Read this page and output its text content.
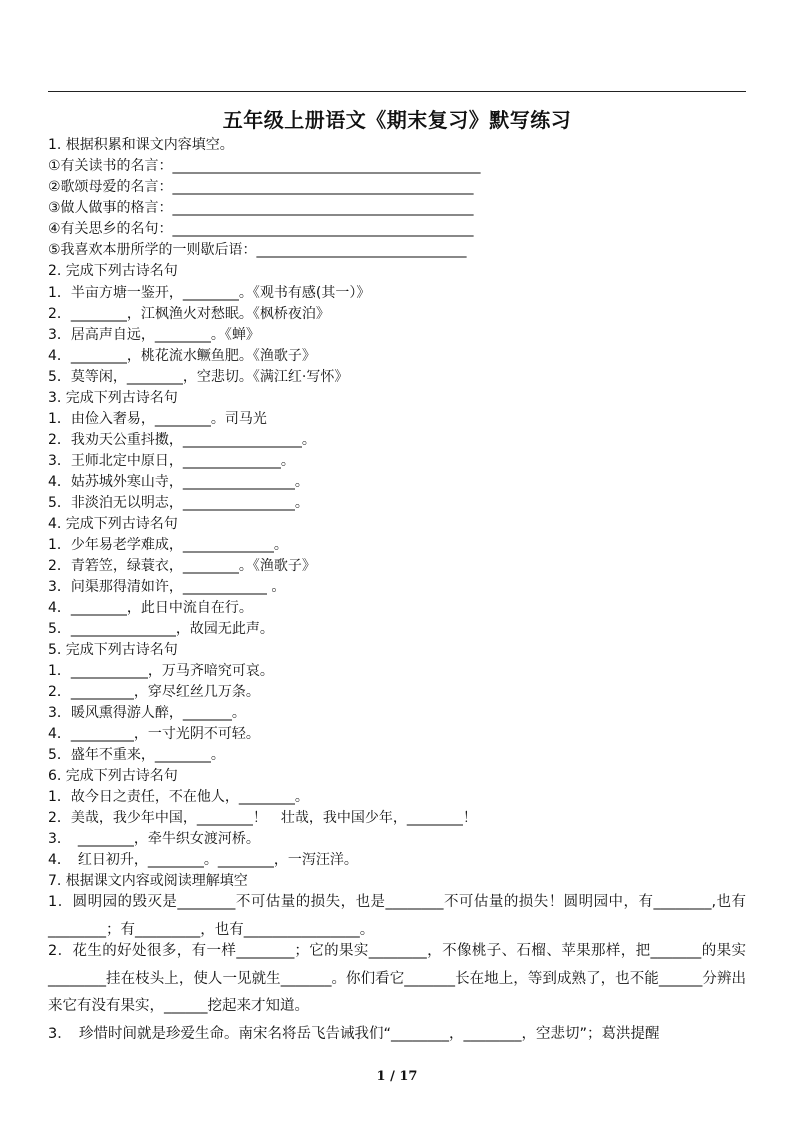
五年级上册语文《期末复习》默写练习
1. 根据积累和课文内容填空。
①有关读书的名言：____________________________________________
②歌颂母爱的名言：___________________________________________
③做人做事的格言：___________________________________________
④有关思乡的名句：___________________________________________
⑤我喜欢本册所学的一则歇后语：______________________________
2. 完成下列古诗名句
1．半亩方塘一鉴开，________。《观书有感(其一）》
2．________，江枫渔火对愁眠。《枫桥夜泊》
3．居高声自远，________。《蝉》
4．________，桃花流水鳜鱼肥。《渔歌子》
5．莫等闲，________，空悲切。《满江红·写怀》
3. 完成下列古诗名句
1．由俭入奢易，________。司马光
2．我劝天公重抖擞，_________________。
3．王师北定中原日，______________。
4．姑苏城外寒山寺，________________。
5．非淡泊无以明志，________________。
4. 完成下列古诗名句
1．少年易老学难成，_____________。
2．青箬笠，绿蓑衣，________。《渔歌子》
3．问渠那得清如许，____________ 。
4．________，此日中流自在行。
5．_______________，故园无此声。
5. 完成下列古诗名句
1．___________，万马齐喑究可哀。
2．_________，穿尽红丝几万条。
3．暖风熏得游人醉，_______。
4．_________，一寸光阴不可轻。
5．盛年不重来，________。
6. 完成下列古诗名句
1．故今日之责任，不在他人，________。
2．美哉，我少年中国，________！　壮哉，我中国少年，________！
3．　________，牵牛织女渡河桥。
4．　红日初升，________。________，一泻汪洋。
7. 根据课文内容或阅读理解填空
1．圆明园的毁灭是________不可估量的损失，也是________不可估量的损失！圆明园中，有________,也有________；有_________，也有________________。
2．花生的好处很多，有一样________；它的果实________，不像桃子、石榴、苹果那样，把_______的果实________挂在枝头上，使人一见就生_______。你们看它_______长在地上，等到成熟了，也不能______分辨出来它有没有果实，______挖起来才知道。
3．　珍惜时间就是珍爱生命。南宋名将岳飞告诫我们“________，________，空悲切”；葛洪提醒
1 / 17
